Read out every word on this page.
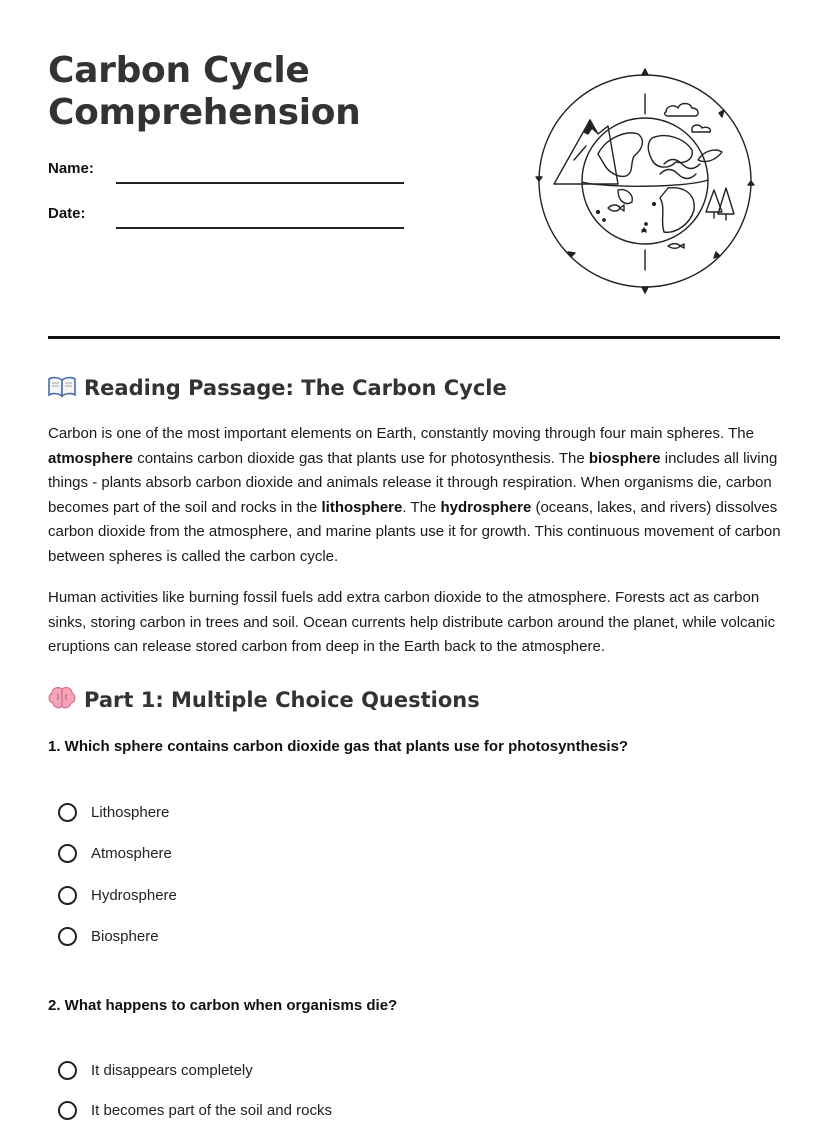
Carbon Cycle Comprehension
Name:
Date:
Reading Passage: The Carbon Cycle

Carbon is one of the most important elements on Earth, constantly moving through four main spheres. The atmosphere contains carbon dioxide gas that plants use for photosynthesis. The biosphere includes all living things - plants absorb carbon dioxide and animals release it through respiration. When organisms die, carbon becomes part of the soil and rocks in the lithosphere. The hydrosphere (oceans, lakes, and rivers) dissolves carbon dioxide from the atmosphere, and marine plants use it for growth. This continuous movement of carbon between spheres is called the carbon cycle.

Human activities like burning fossil fuels add extra carbon dioxide to the atmosphere. Forests act as carbon sinks, storing carbon in trees and soil. Ocean currents help distribute carbon around the planet, while volcanic eruptions can release stored carbon from deep in the Earth back to the atmosphere.

Part 1: Multiple Choice Questions

1. Which sphere contains carbon dioxide gas that plants use for photosynthesis?

Lithosphere
Atmosphere
Hydrosphere
Biosphere

2. What happens to carbon when organisms die?

It disappears completely
It becomes part of the soil and rocks
